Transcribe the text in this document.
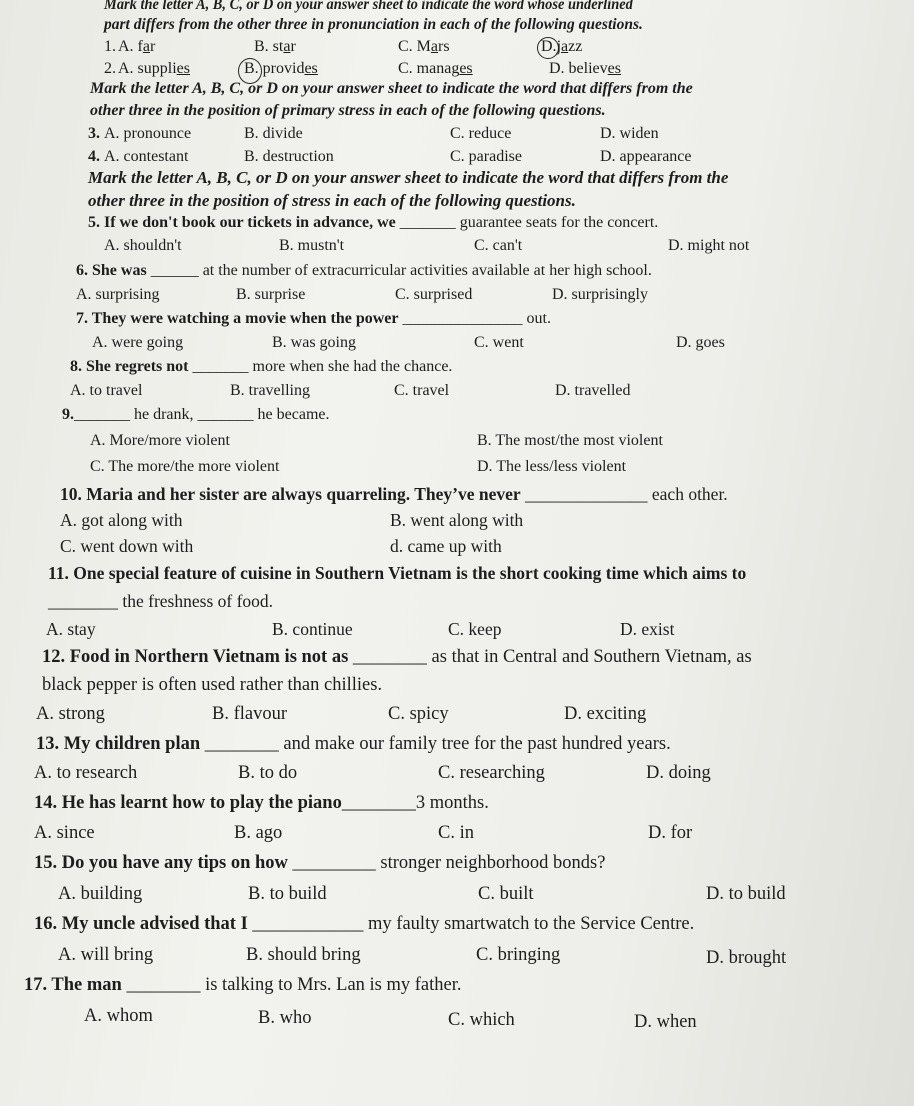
Mark the letter A, B, C, or D on your answer sheet to indicate the word whose underlined
part differs from the other three in pronunciation in each of the following questions.
1. A. far	B. star	C. Mars	D.jazz
2. A. supplies	B. provides	C. manages	D. believes
Mark the letter A, B, C, or D on your answer sheet to indicate the word that differs from the
other three in the position of primary stress in each of the following questions.
3. A. pronounce	B. divide	C. reduce	D. widen
4. A. contestant	B. destruction	C. paradise	D. appearance
Mark the letter A, B, C, or D on your answer sheet to indicate the word that differs from the
other three in the position of stress in each of the following questions.
5. If we don't book our tickets in advance, we _______ guarantee seats for the concert.
A. shouldn't	B. mustn't	C. can't	D. might not
6. She was ______ at the number of extracurricular activities available at her high school.
A. surprising	B. surprise	C. surprised	D. surprisingly
7. They were watching a movie when the power _______________ out.
A. were going	B. was going	C. went	D. goes
8. She regrets not _______ more when she had the chance.
A. to travel	B. travelling	C. travel	D. travelled
9._______ he drank, _______ he became.
A. More/more violent	B. The most/the most violent
C. The more/the more violent	D. The less/less violent
10. Maria and her sister are always quarreling. They’ve never ______________ each other.
A. got along with	B. went along with
C. went down with	d. came up with
11. One special feature of cuisine in Southern Vietnam is the short cooking time which aims to
________ the freshness of food.
A. stay	B. continue	C. keep	D. exist
12. Food in Northern Vietnam is not as ________ as that in Central and Southern Vietnam, as
black pepper is often used rather than chillies.
A. strong	B. flavour	C. spicy	D. exciting
13. My children plan ________ and make our family tree for the past hundred years.
A. to research	B. to do	C. researching	D. doing
14. He has learnt how to play the piano________3 months.
A. since	B. ago	C. in	D. for
15. Do you have any tips on how _________ stronger neighborhood bonds?
A. building	B. to build	C. built	D. to build
16. My uncle advised that I ____________ my faulty smartwatch to the Service Centre.
A. will bring	B. should bring	C. bringing	D. brought
17. The man ________ is talking to Mrs. Lan is my father.
A. whom	B. who	C. which	D. when
